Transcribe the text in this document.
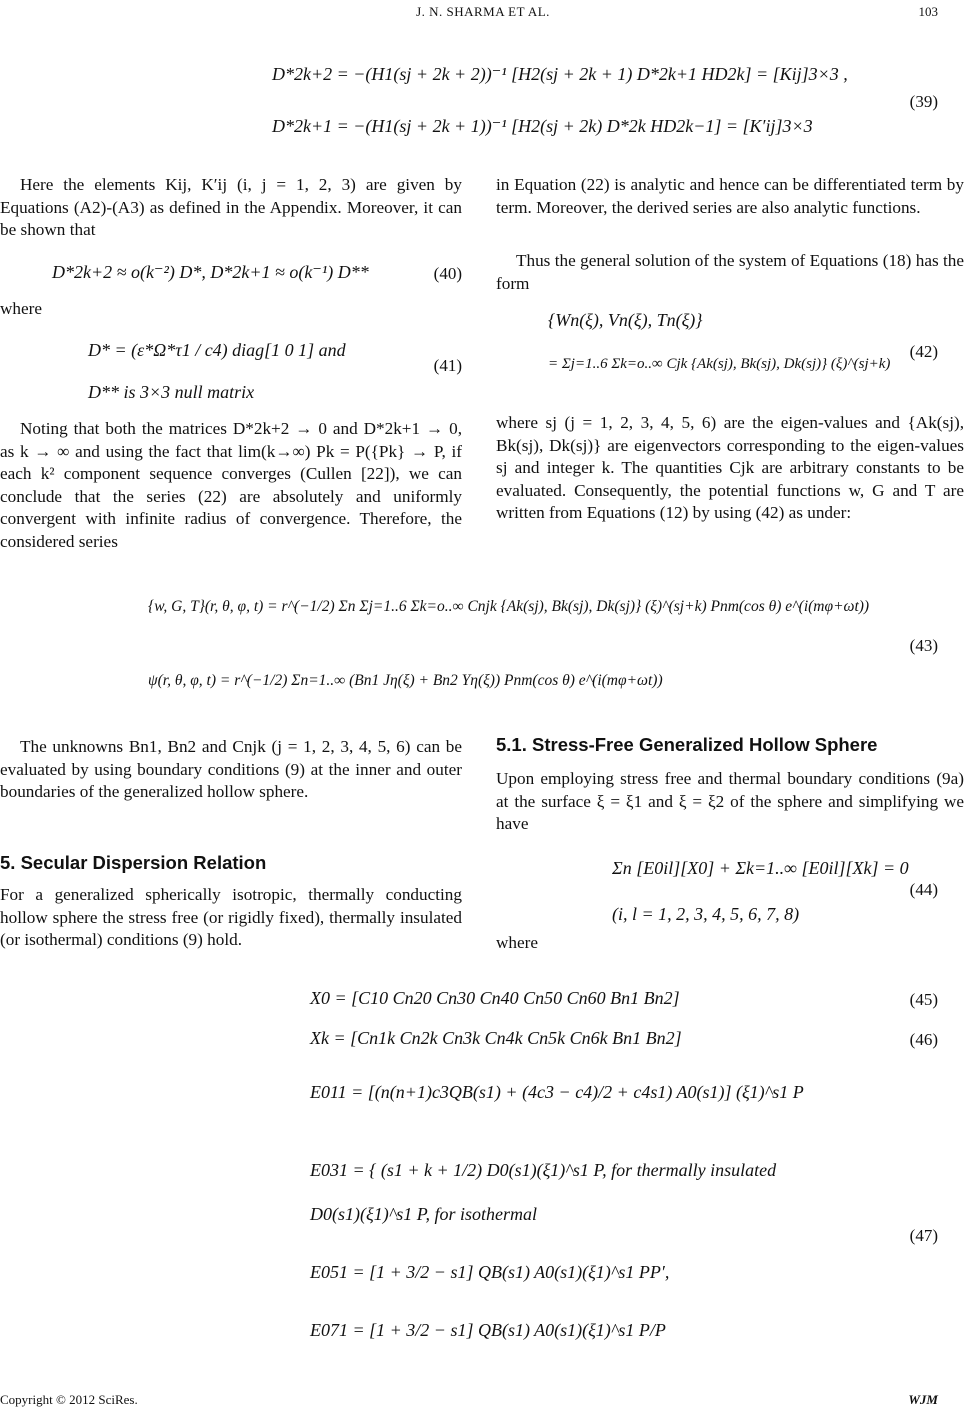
J. N. SHARMA ET AL.	103
D*2k+2 = −(H1(sj + 2k + 2))⁻¹ [H2(sj + 2k + 1) D*2k+1 HD2k] = [Kij]3×3 ,
D*2k+1 = −(H1(sj + 2k + 1))⁻¹ [H2(sj + 2k) D*2k HD2k−1] = [K′ij]3×3
(39)

Here the elements Kij, K′ij (i, j = 1, 2, 3) are given by Equations (A2)-(A3) as defined in the Appendix. Moreover, it can be shown that

D*2k+2 ≈ o(k⁻²) D*, D*2k+1 ≈ o(k⁻¹) D**	(40)

where

D* = (ε*Ω*τ1 / c4) diag[1 0 1] and
D** is 3×3 null matrix
(41)

Noting that both the matrices D*2k+2 → 0 and D*2k+1 → 0, as k → ∞ and using the fact that lim(k→∞) Pk = P({Pk} → P, if each k² component sequence converges (Cullen [22]), we can conclude that the series (22) are absolutely and uniformly convergent with infinite radius of convergence. Therefore, the considered series

in Equation (22) is analytic and hence can be differentiated term by term. Moreover, the derived series are also analytic functions.

Thus the general solution of the system of Equations (18) has the form

{Wn(ξ), Vn(ξ), Tn(ξ)}
= Σj=1..6 Σk=o..∞ Cjk {Ak(sj), Bk(sj), Dk(sj)} (ξ)^(sj+k)
(42)

where sj (j = 1, 2, 3, 4, 5, 6) are the eigen-values and {Ak(sj), Bk(sj), Dk(sj)} are eigenvectors corresponding to the eigen-values sj and integer k. The quantities Cjk are arbitrary constants to be evaluated. Consequently, the potential functions w, G and T are written from Equations (12) by using (42) as under:

{w, G, T}(r, θ, φ, t) = r^(−1/2) Σn Σj=1..6 Σk=o..∞ Cnjk {Ak(sj), Bk(sj), Dk(sj)} (ξ)^(sj+k) Pnm(cos θ) e^(i(mφ+ωt))
ψ(r, θ, φ, t) = r^(−1/2) Σn=1..∞ (Bn1 Jη(ξ) + Bn2 Yη(ξ)) Pnm(cos θ) e^(i(mφ+ωt))
(43)

The unknowns Bn1, Bn2 and Cnjk (j = 1, 2, 3, 4, 5, 6) can be evaluated by using boundary conditions (9) at the inner and outer boundaries of the generalized hollow sphere.

5. Secular Dispersion Relation

For a generalized spherically isotropic, thermally conducting hollow sphere the stress free (or rigidly fixed), thermally insulated (or isothermal) conditions (9) hold.

5.1. Stress-Free Generalized Hollow Sphere

Upon employing stress free and thermal boundary conditions (9a) at the surface ξ = ξ1 and ξ = ξ2 of the sphere and simplifying we have

Σn [E0il][X0] + Σk=1..∞ [E0il][Xk] = 0
(i, l = 1, 2, 3, 4, 5, 6, 7, 8)
(44)

where

X0 = [C10 Cn20 Cn30 Cn40 Cn50 Cn60 Bn1 Bn2]	(45)
Xk = [Cn1k Cn2k Cn3k Cn4k Cn5k Cn6k Bn1 Bn2]	(46)
E011 = [(n(n+1)c3QB(s1) + (4c3 − c4)/2 + c4s1) A0(s1)] (ξ1)^s1 P
E031 = { (s1 + k + 1/2) D0(s1)(ξ1)^s1 P, for thermally insulated
D0(s1)(ξ1)^s1 P, for isothermal
E051 = [1 + 3/2 − s1] QB(s1) A0(s1)(ξ1)^s1 PP′,
E071 = [1 + 3/2 − s1] QB(s1) A0(s1)(ξ1)^s1 P/P
(47)
Copyright © 2012 SciRes.	WJM
